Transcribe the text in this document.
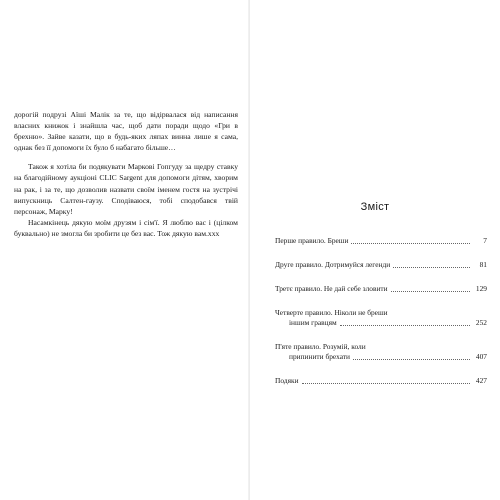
дорогій подрузі Аїші Малік за те, що відірвалася від написання власних книжок і знайшла час, щоб дати поради щодо «Гри в брехню». Зайве казати, що в будь-яких ляпах винна лише я сама, однак без її допомоги їх було б набагато більше…

Також я хотіла би подякувати Маркові Гопгуду за щедру ставку на благодійному аукціоні CLIC Sargent для допомоги дітям, хворим на рак, і за те, що дозволив назвати своїм іменем гостя на зустрічі випускниць Салтен-гаузу. Сподіваюся, тобі сподобався твій персонаж, Марку!

Насамкінець дякую моїм друзям і сім'ї. Я люблю вас і (цілком буквально) не змогла би зробити це без вас. Тож дякую вам.xxx

Зміст
Перше правило. Бреши	7
Друге правило. Дотримуйся легенди	81
Третє правило. Не дай себе зловити	129
Четверте правило. Ніколи не бреши
іншим гравцям	252
П'яте правило. Розумій, коли
припинити брехати	407
Подяки	427
